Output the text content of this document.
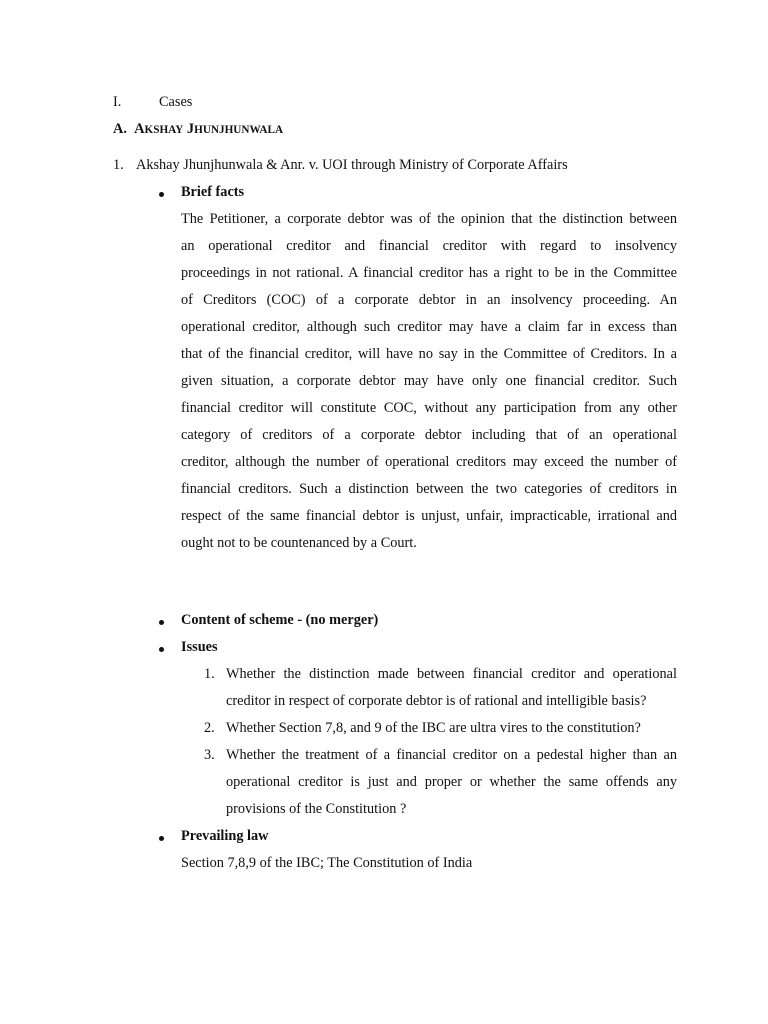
I.	Cases
A. AKSHAY JHUNJHUNWALA
1. Akshay Jhunjhunwala & Anr. v. UOI through Ministry of Corporate Affairs
Brief facts
The Petitioner, a corporate debtor was of the opinion that the distinction between
an operational creditor and financial creditor with regard to insolvency
proceedings in not rational. A financial creditor has a right to be in the Committee
of Creditors (COC) of a corporate debtor in an insolvency proceeding. An
operational creditor, although such creditor may have a claim far in excess than
that of the financial creditor, will have no say in the Committee of Creditors. In a
given situation, a corporate debtor may have only one financial creditor. Such
financial creditor will constitute COC, without any participation from any other
category of creditors of a corporate debtor including that of an operational
creditor, although the number of operational creditors may exceed the number of
financial creditors. Such a distinction between the two categories of creditors in
respect of the same financial debtor is unjust, unfair, impracticable, irrational and
ought not to be countenanced by a Court.
Content of scheme - (no merger)
Issues
1. Whether the distinction made between financial creditor and operational
creditor in respect of corporate debtor is of rational and intelligible basis?
2. Whether Section 7,8, and 9 of the IBC are ultra vires to the constitution?
3. Whether the treatment of a financial creditor on a pedestal higher than an
operational creditor is just and proper or whether the same offends any
provisions of the Constitution ?
Prevailing law
Section 7,8,9 of the IBC; The Constitution of India
